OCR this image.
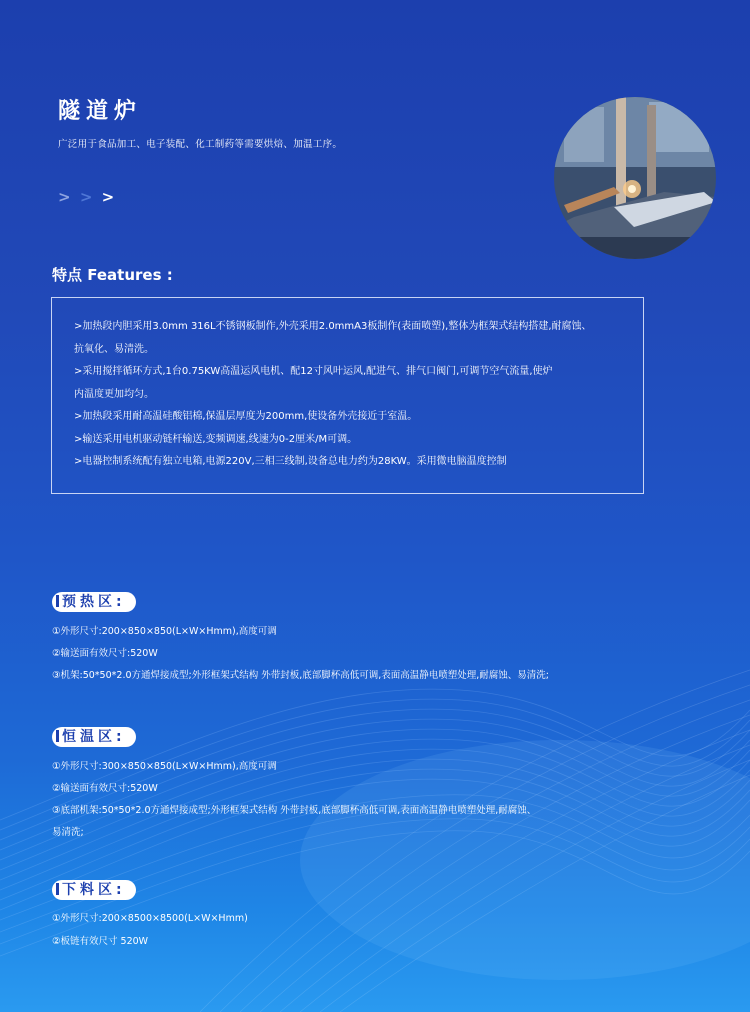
隧道炉
广泛用于食品加工、电子装配、化工制药等需要烘焙、加温工序。
> > >
特点 Features :
>加热段内胆采用3.0mm 316L不锈钢板制作,外壳采用2.0mmA3板制作(表面喷塑),整体为框架式结构搭建,耐腐蚀、
抗氧化、易清洗。
>采用搅拌循环方式,1台0.75KW高温运风电机、配12寸风叶运风,配进气、排气口阀门,可调节空气流量,使炉
内温度更加均匀。
>加热段采用耐高温硅酸铝棉,保温层厚度为200mm,使设备外壳接近于室温。
>输送采用电机驱动链杆输送,变频调速,线速为0-2厘米/M可调。
>电器控制系统配有独立电箱,电源220V,三相三线制,设备总电力约为28KW。采用微电脑温度控制
预热区:
①外形尺寸:200×850×850(L×W×Hmm),高度可调
②输送面有效尺寸:520W
③机架:50*50*2.0方通焊接成型;外形框架式结构 外带封板,底部脚杯高低可调,表面高温静电喷塑处理,耐腐蚀、易清洗;
恒温区:
①外形尺寸:300×850×850(L×W×Hmm),高度可调
②输送面有效尺寸:520W
③底部机架:50*50*2.0方通焊接成型;外形框架式结构 外带封板,底部脚杯高低可调,表面高温静电喷塑处理,耐腐蚀、
易清洗;
下料区:
①外形尺寸:200×8500×8500(L×W×Hmm)
②板链有效尺寸 520W
